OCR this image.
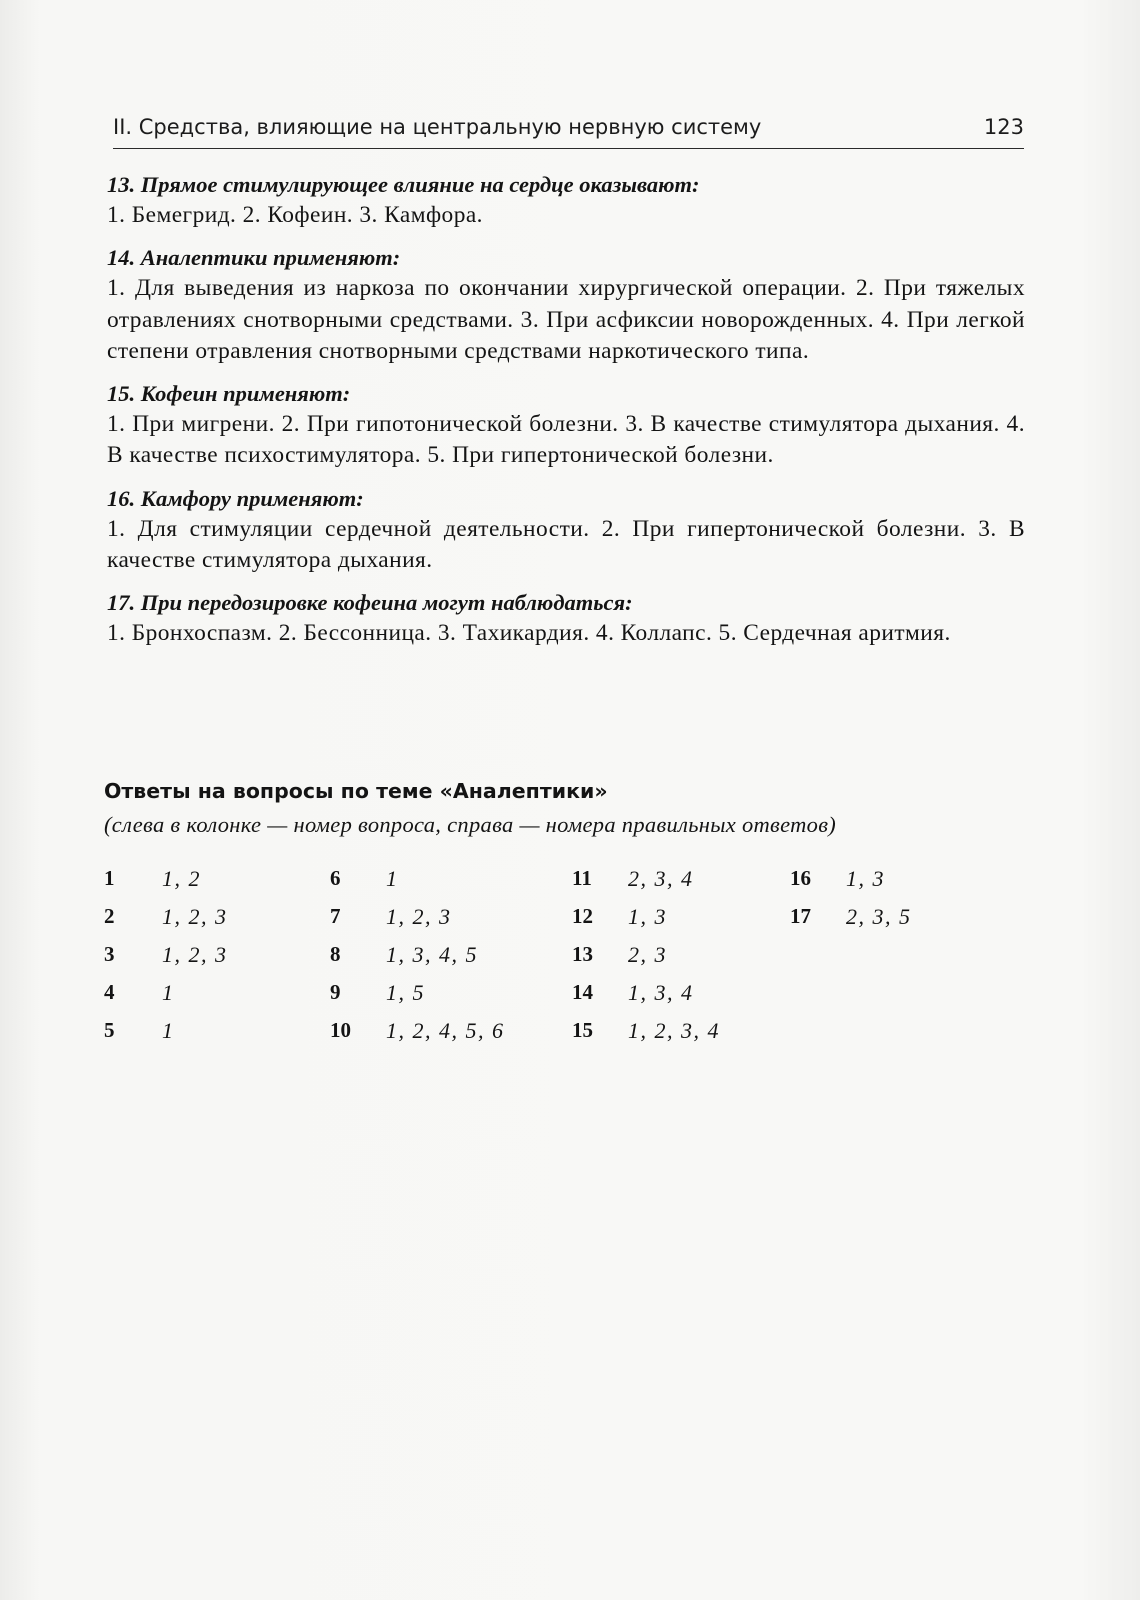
II. Средства, влияющие на центральную нервную систему	123
13. Прямое стимулирующее влияние на сердце оказывают:
1. Бемегрид. 2. Кофеин. 3. Камфора.
14. Аналептики применяют:
1. Для выведения из наркоза по окончании хирургической операции. 2. При тяжелых отравлениях снотворными средствами. 3. При асфиксии новорожденных. 4. При легкой степени отравления снотворными средствами наркотического типа.
15. Кофеин применяют:
1. При мигрени. 2. При гипотонической болезни. 3. В качестве стимулятора дыхания. 4. В качестве психостимулятора. 5. При гипертонической болезни.
16. Камфору применяют:
1. Для стимуляции сердечной деятельности. 2. При гипертонической болезни. 3. В качестве стимулятора дыхания.
17. При передозировке кофеина могут наблюдаться:
1. Бронхоспазм. 2. Бессонница. 3. Тахикардия. 4. Коллапс. 5. Сердечная аритмия.
Ответы на вопросы по теме «Аналептики»
(слева в колонке — номер вопроса, справа — номера правильных ответов)
1 1, 2
2 1, 2, 3
3 1, 2, 3
4 1
5 1
6 1
7 1, 2, 3
8 1, 3, 4, 5
9 1, 5
10 1, 2, 4, 5, 6
11 2, 3, 4
12 1, 3
13 2, 3
14 1, 3, 4
15 1, 2, 3, 4
16 1, 3
17 2, 3, 5
